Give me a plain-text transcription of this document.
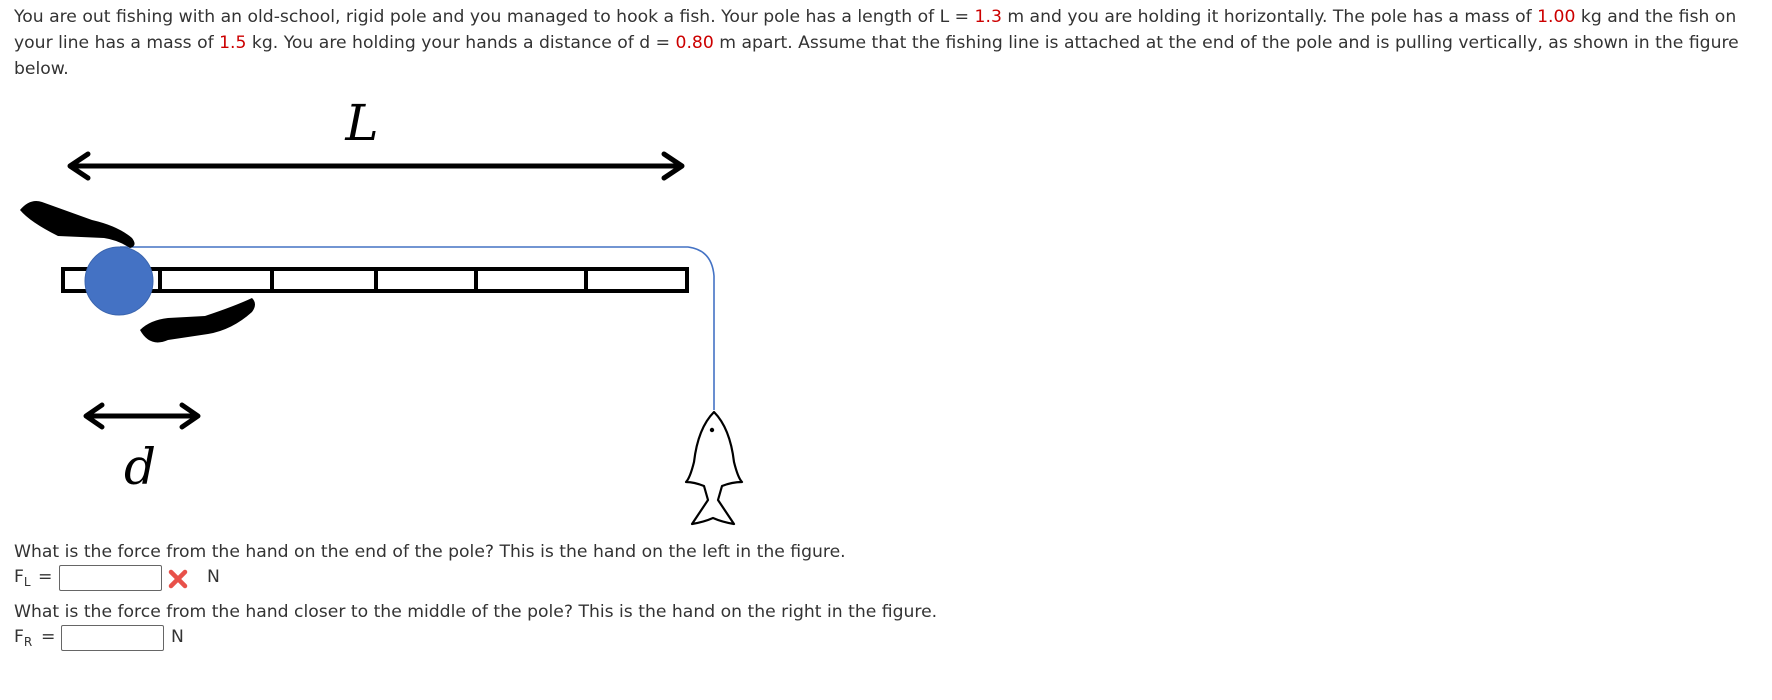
You are out fishing with an old-school, rigid pole and you managed to hook a fish. Your pole has a length of L = 1.3 m and you are holding it horizontally. The pole has a mass of 1.00 kg and the fish on your line has a mass of 1.5 kg. You are holding your hands a distance of d = 0.80 m apart. Assume that the fishing line is attached at the end of the pole and is pulling vertically, as shown in the figure below.

L
d

What is the force from the hand on the end of the pole? This is the hand on the left in the figure.

$F_L$ =	N

What is the force from the hand closer to the middle of the pole? This is the hand on the right in the figure.

$F_R$ =	N
